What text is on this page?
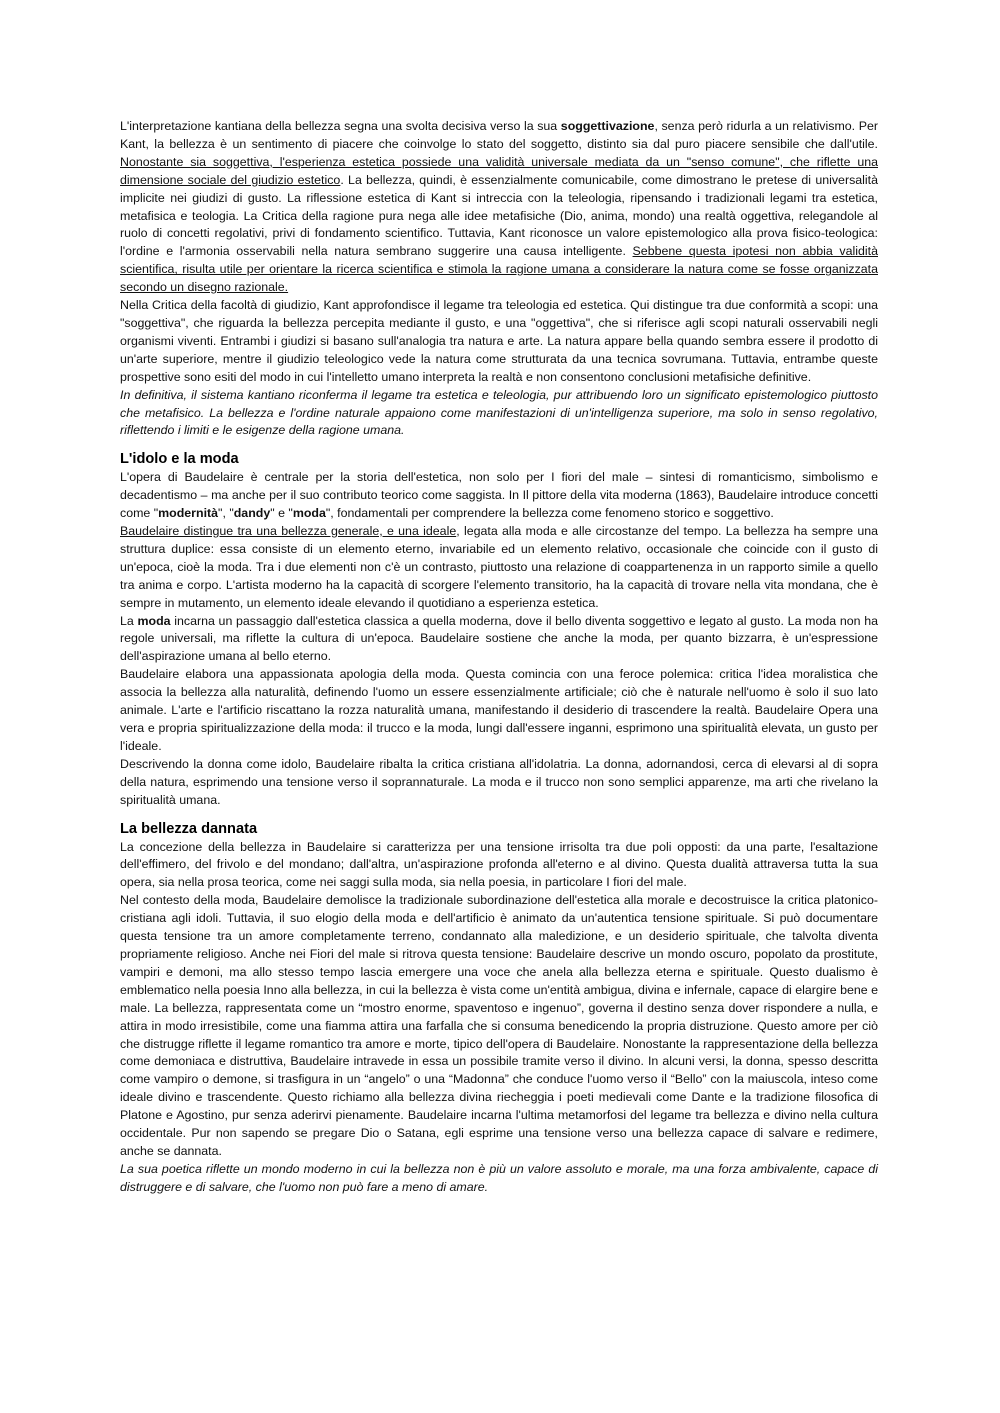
L'interpretazione kantiana della bellezza segna una svolta decisiva verso la sua soggettivazione, senza però ridurla a un relativismo. Per Kant, la bellezza è un sentimento di piacere che coinvolge lo stato del soggetto, distinto sia dal puro piacere sensibile che dall'utile. Nonostante sia soggettiva, l'esperienza estetica possiede una validità universale mediata da un "senso comune", che riflette una dimensione sociale del giudizio estetico. La bellezza, quindi, è essenzialmente comunicabile, come dimostrano le pretese di universalità implicite nei giudizi di gusto. La riflessione estetica di Kant si intreccia con la teleologia, ripensando i tradizionali legami tra estetica, metafisica e teologia. La Critica della ragione pura nega alle idee metafisiche (Dio, anima, mondo) una realtà oggettiva, relegandole al ruolo di concetti regolativi, privi di fondamento scientifico. Tuttavia, Kant riconosce un valore epistemologico alla prova fisico-teologica: l'ordine e l'armonia osservabili nella natura sembrano suggerire una causa intelligente. Sebbene questa ipotesi non abbia validità scientifica, risulta utile per orientare la ricerca scientifica e stimola la ragione umana a considerare la natura come se fosse organizzata secondo un disegno razionale.

Nella Critica della facoltà di giudizio, Kant approfondisce il legame tra teleologia ed estetica. Qui distingue tra due conformità a scopi: una "soggettiva", che riguarda la bellezza percepita mediante il gusto, e una "oggettiva", che si riferisce agli scopi naturali osservabili negli organismi viventi. Entrambi i giudizi si basano sull'analogia tra natura e arte. La natura appare bella quando sembra essere il prodotto di un'arte superiore, mentre il giudizio teleologico vede la natura come strutturata da una tecnica sovrumana. Tuttavia, entrambe queste prospettive sono esiti del modo in cui l'intelletto umano interpreta la realtà e non consentono conclusioni metafisiche definitive.

In definitiva, il sistema kantiano riconferma il legame tra estetica e teleologia, pur attribuendo loro un significato epistemologico piuttosto che metafisico. La bellezza e l'ordine naturale appaiono come manifestazioni di un'intelligenza superiore, ma solo in senso regolativo, riflettendo i limiti e le esigenze della ragione umana.

L'idolo e la moda

L'opera di Baudelaire è centrale per la storia dell'estetica, non solo per I fiori del male – sintesi di romanticismo, simbolismo e decadentismo – ma anche per il suo contributo teorico come saggista. In Il pittore della vita moderna (1863), Baudelaire introduce concetti come "modernità", "dandy" e "moda", fondamentali per comprendere la bellezza come fenomeno storico e soggettivo.

Baudelaire distingue tra una bellezza generale, e una ideale, legata alla moda e alle circostanze del tempo. La bellezza ha sempre una struttura duplice: essa consiste di un elemento eterno, invariabile ed un elemento relativo, occasionale che coincide con il gusto di un'epoca, cioè la moda. Tra i due elementi non c'è un contrasto, piuttosto una relazione di coappartenenza in un rapporto simile a quello tra anima e corpo. L'artista moderno ha la capacità di scorgere l'elemento transitorio, ha la capacità di trovare nella vita mondana, che è sempre in mutamento, un elemento ideale elevando il quotidiano a esperienza estetica.

La moda incarna un passaggio dall'estetica classica a quella moderna, dove il bello diventa soggettivo e legato al gusto. La moda non ha regole universali, ma riflette la cultura di un'epoca. Baudelaire sostiene che anche la moda, per quanto bizzarra, è un'espressione dell'aspirazione umana al bello eterno.

Baudelaire elabora una appassionata apologia della moda. Questa comincia con una feroce polemica: critica l'idea moralistica che associa la bellezza alla naturalità, definendo l'uomo un essere essenzialmente artificiale; ciò che è naturale nell'uomo è solo il suo lato animale. L'arte e l'artificio riscattano la rozza naturalità umana, manifestando il desiderio di trascendere la realtà. Baudelaire Opera una vera e propria spiritualizzazione della moda: il trucco e la moda, lungi dall'essere inganni, esprimono una spiritualità elevata, un gusto per l'ideale.

Descrivendo la donna come idolo, Baudelaire ribalta la critica cristiana all'idolatria. La donna, adornandosi, cerca di elevarsi al di sopra della natura, esprimendo una tensione verso il soprannaturale. La moda e il trucco non sono semplici apparenze, ma arti che rivelano la spiritualità umana.

La bellezza dannata

La concezione della bellezza in Baudelaire si caratterizza per una tensione irrisolta tra due poli opposti: da una parte, l'esaltazione dell'effimero, del frivolo e del mondano; dall'altra, un'aspirazione profonda all'eterno e al divino. Questa dualità attraversa tutta la sua opera, sia nella prosa teorica, come nei saggi sulla moda, sia nella poesia, in particolare I fiori del male.

Nel contesto della moda, Baudelaire demolisce la tradizionale subordinazione dell'estetica alla morale e decostruisce la critica platonico-cristiana agli idoli. Tuttavia, il suo elogio della moda e dell'artificio è animato da un'autentica tensione spirituale. Si può documentare questa tensione tra un amore completamente terreno, condannato alla maledizione, e un desiderio spirituale, che talvolta diventa propriamente religioso. Anche nei Fiori del male si ritrova questa tensione: Baudelaire descrive un mondo oscuro, popolato da prostitute, vampiri e demoni, ma allo stesso tempo lascia emergere una voce che anela alla bellezza eterna e spirituale. Questo dualismo è emblematico nella poesia Inno alla bellezza, in cui la bellezza è vista come un'entità ambigua, divina e infernale, capace di elargire bene e male. La bellezza, rappresentata come un “mostro enorme, spaventoso e ingenuo”, governa il destino senza dover rispondere a nulla, e attira in modo irresistibile, come una fiamma attira una farfalla che si consuma benedicendo la propria distruzione. Questo amore per ciò che distrugge riflette il legame romantico tra amore e morte, tipico dell'opera di Baudelaire. Nonostante la rappresentazione della bellezza come demoniaca e distruttiva, Baudelaire intravede in essa un possibile tramite verso il divino. In alcuni versi, la donna, spesso descritta come vampiro o demone, si trasfigura in un “angelo” o una “Madonna” che conduce l'uomo verso il “Bello” con la maiuscola, inteso come ideale divino e trascendente. Questo richiamo alla bellezza divina riecheggia i poeti medievali come Dante e la tradizione filosofica di Platone e Agostino, pur senza aderirvi pienamente. Baudelaire incarna l'ultima metamorfosi del legame tra bellezza e divino nella cultura occidentale. Pur non sapendo se pregare Dio o Satana, egli esprime una tensione verso una bellezza capace di salvare e redimere, anche se dannata.

La sua poetica riflette un mondo moderno in cui la bellezza non è più un valore assoluto e morale, ma una forza ambivalente, capace di distruggere e di salvare, che l'uomo non può fare a meno di amare.
